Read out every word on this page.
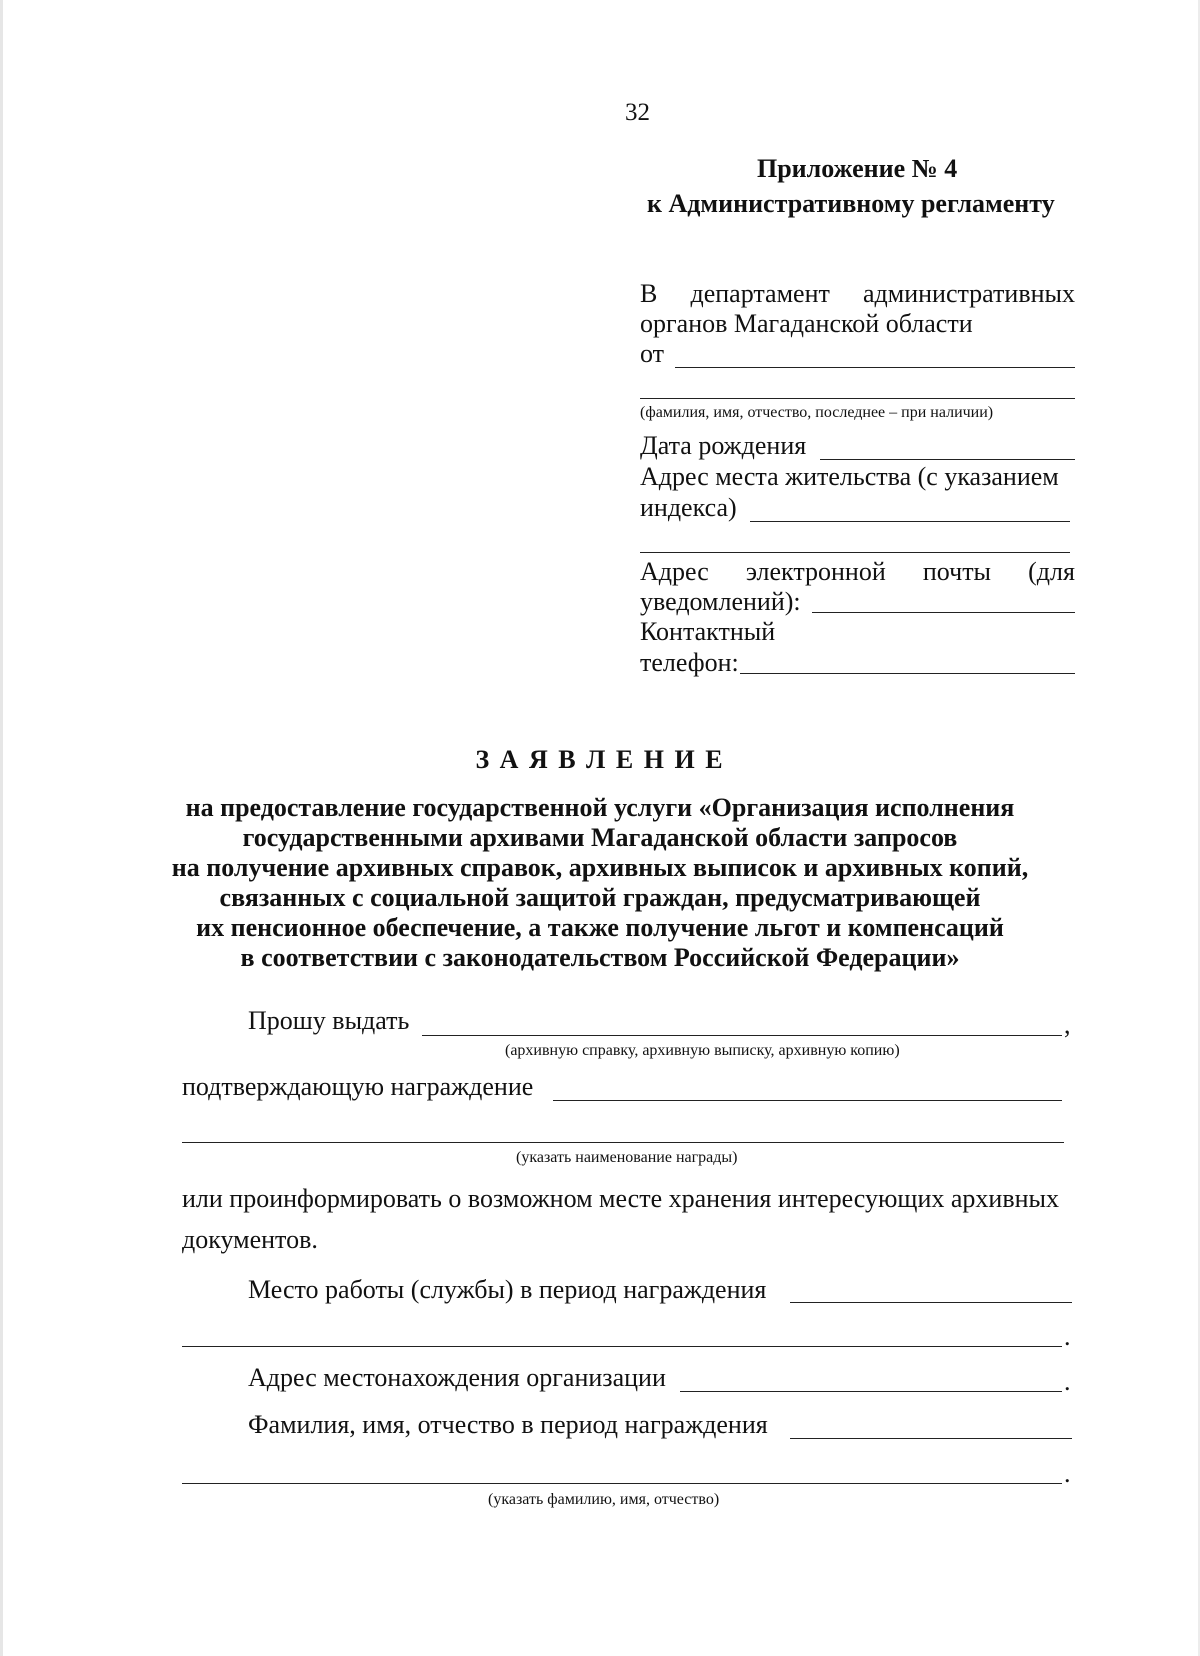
32
Приложение № 4
к Административному регламенту
В департамент административных
органов Магаданской области
от
(фамилия, имя, отчество, последнее – при наличии)
Дата рождения
Адрес места жительства (с указанием
индекса)
Адрес электронной почты (для
уведомлений):
Контактный
телефон:
З А Я В Л Е Н И Е
на предоставление государственной услуги «Организация исполнения
государственными архивами Магаданской области запросов
на получение архивных справок, архивных выписок и архивных копий,
связанных с социальной защитой граждан, предусматривающей
их пенсионное обеспечение, а также получение льгот и компенсаций
в соответствии с законодательством Российской Федерации»
Прошу выдать	,
(архивную справку, архивную выписку, архивную копию)
подтверждающую награждение
(указать наименование награды)
или проинформировать о возможном месте хранения интересующих архивных
документов.
Место работы (службы) в период награждения
.
Адрес местонахождения организации	.
Фамилия, имя, отчество в период награждения
.
(указать фамилию, имя, отчество)
